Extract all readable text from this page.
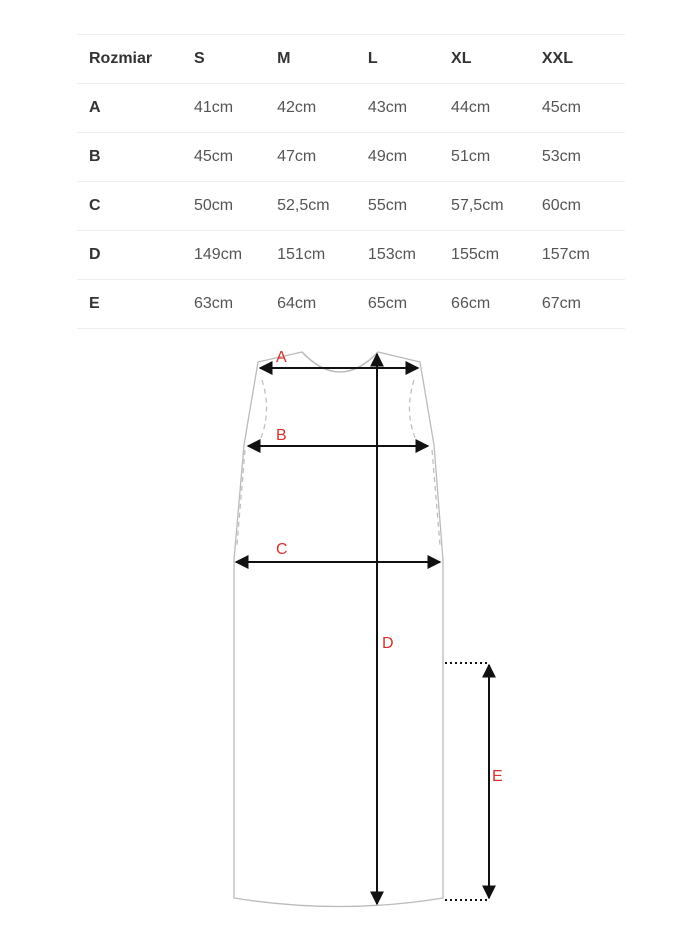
Rozmiar	S	M	L	XL	XXL
A	41cm	42cm	43cm	44cm	45cm
B	45cm	47cm	49cm	51cm	53cm
C	50cm	52,5cm	55cm	57,5cm	60cm
D	149cm	151cm	153cm	155cm	157cm
E	63cm	64cm	65cm	66cm	67cm
A
B
C
D
E
